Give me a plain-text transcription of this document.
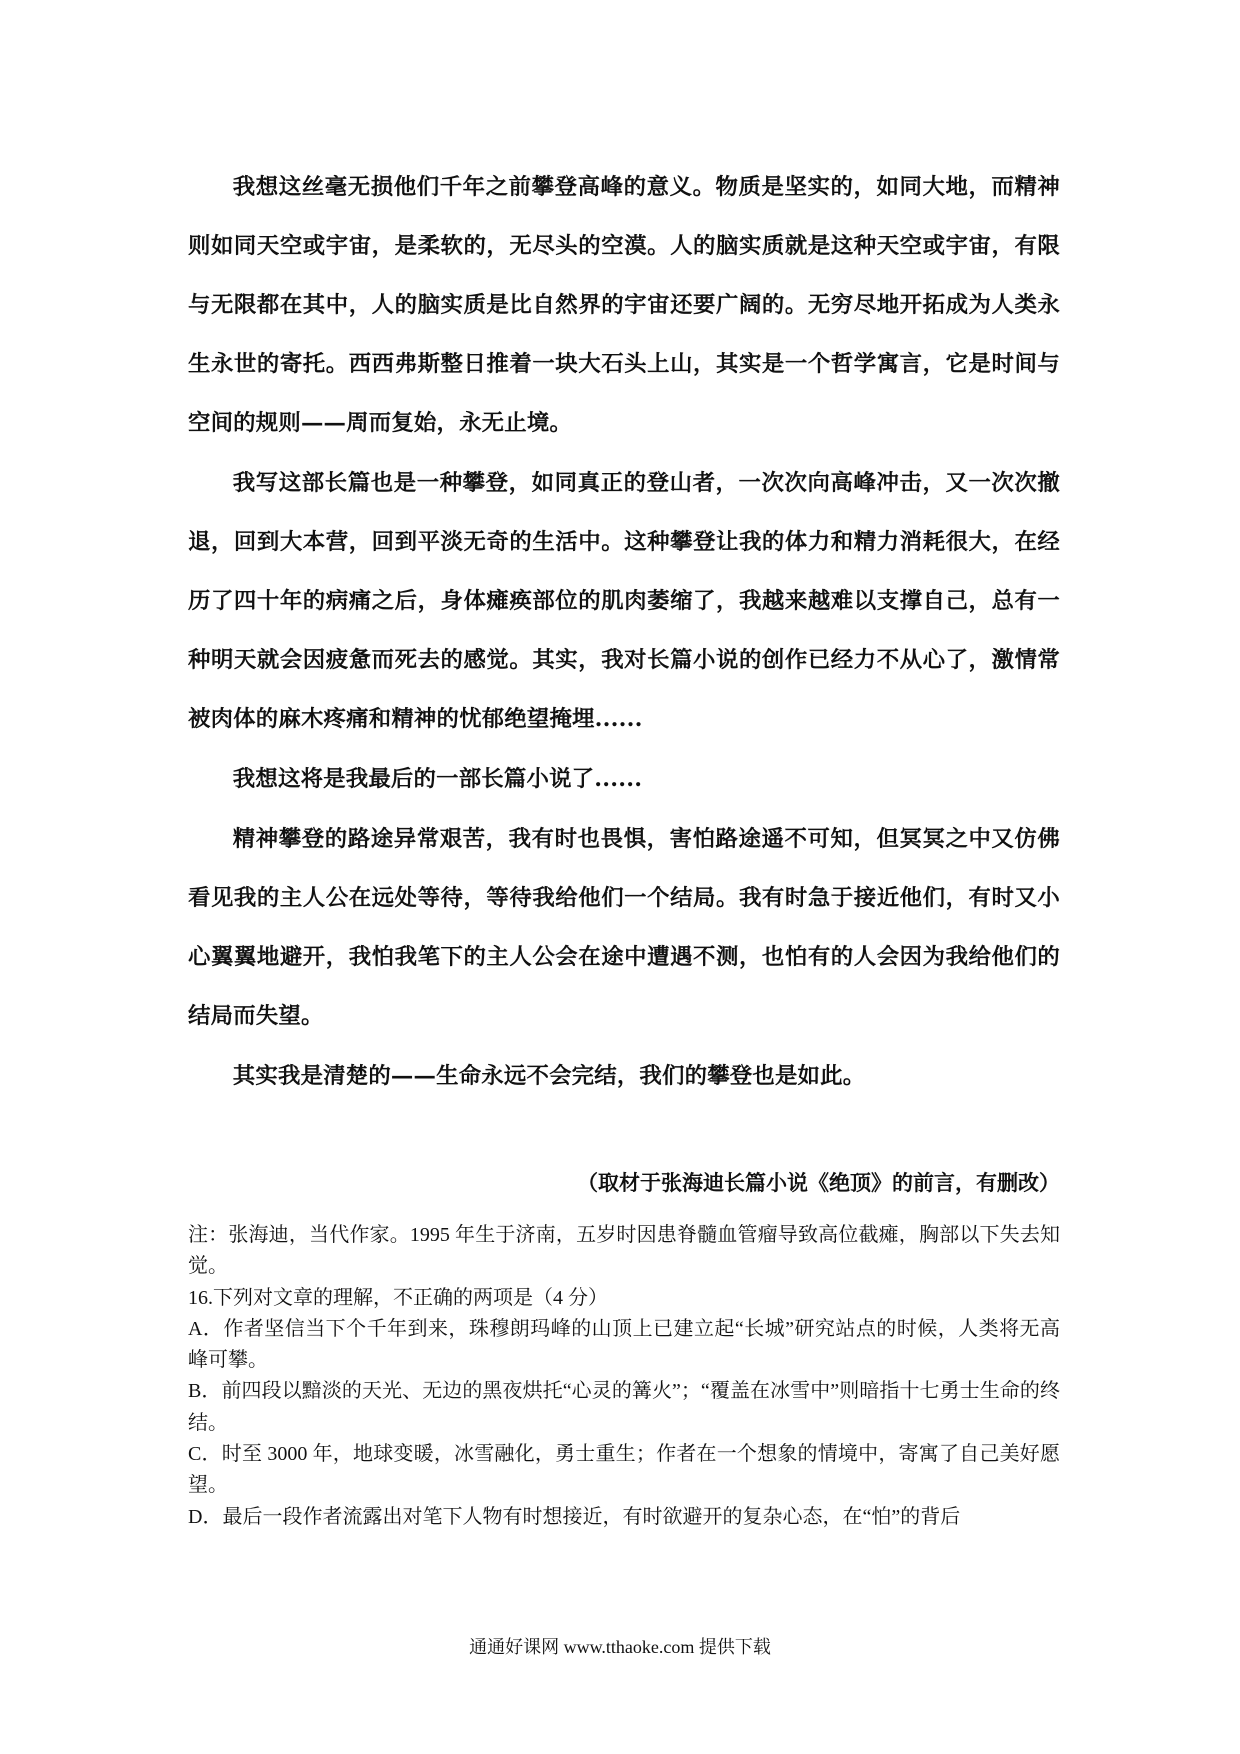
我想这丝毫无损他们千年之前攀登高峰的意义。物质是坚实的，如同大地，而精神则如同天空或宇宙，是柔软的，无尽头的空漠。人的脑实质就是这种天空或宇宙，有限与无限都在其中，人的脑实质是比自然界的宇宙还要广阔的。无穷尽地开拓成为人类永生永世的寄托。西西弗斯整日推着一块大石头上山，其实是一个哲学寓言，它是时间与空间的规则——周而复始，永无止境。

我写这部长篇也是一种攀登，如同真正的登山者，一次次向高峰冲击，又一次次撤退，回到大本营，回到平淡无奇的生活中。这种攀登让我的体力和精力消耗很大，在经历了四十年的病痛之后，身体瘫痪部位的肌肉萎缩了，我越来越难以支撑自己，总有一种明天就会因疲惫而死去的感觉。其实，我对长篇小说的创作已经力不从心了，激情常被肉体的麻木疼痛和精神的忧郁绝望掩埋......

我想这将是我最后的一部长篇小说了......

精神攀登的路途异常艰苦，我有时也畏惧，害怕路途遥不可知，但冥冥之中又仿佛看见我的主人公在远处等待，等待我给他们一个结局。我有时急于接近他们，有时又小心翼翼地避开，我怕我笔下的主人公会在途中遭遇不测，也怕有的人会因为我给他们的结局而失望。

其实我是清楚的——生命永远不会完结，我们的攀登也是如此。

（取材于张海迪长篇小说《绝顶》的前言，有删改）

注：张海迪，当代作家。1995 年生于济南，五岁时因患脊髓血管瘤导致高位截瘫，胸部以下失去知觉。

16.下列对文章的理解，不正确的两项是（4 分）

A．作者坚信当下个千年到来，珠穆朗玛峰的山顶上已建立起“长城”研究站点的时候，人类将无高峰可攀。

B．前四段以黯淡的天光、无边的黑夜烘托“心灵的篝火”；“覆盖在冰雪中”则暗指十七勇士生命的终结。

C．时至 3000 年，地球变暖，冰雪融化，勇士重生；作者在一个想象的情境中，寄寓了自己美好愿望。

D．最后一段作者流露出对笔下人物有时想接近，有时欲避开的复杂心态，在“怕”的背后

通通好课网 www.tthaoke.com 提供下载
